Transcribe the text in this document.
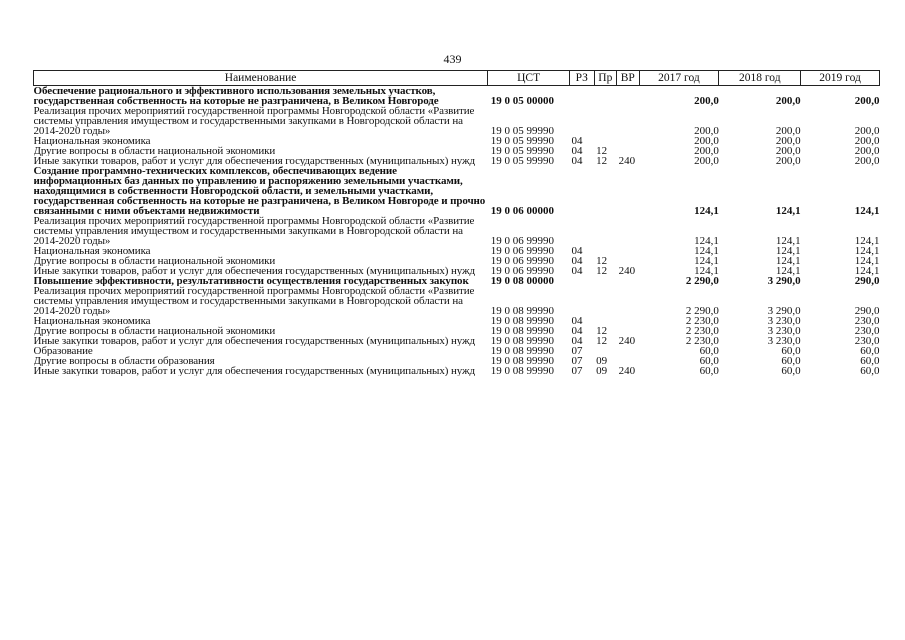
439
Наименование	ЦСТ	РЗ	Пр	ВР	2017 год	2018 год	2019 год
Обеспечение рационального и эффективного использования земельных участков, государственная собственность на которые не разграничена, в Великом Новгороде	19 0 05 00000				200,0	200,0	200,0
Реализация прочих мероприятий государственной программы Новгородской области «Развитие системы управления имуществом и государственными закупками в Новгородской области на 2014-2020 годы»	19 0 05 99990				200,0	200,0	200,0
Национальная экономика	19 0 05 99990	04			200,0	200,0	200,0
Другие вопросы в области национальной экономики	19 0 05 99990	04	12		200,0	200,0	200,0
Иные закупки товаров, работ и услуг для обеспечения государственных (муниципальных) нужд	19 0 05 99990	04	12	240	200,0	200,0	200,0
Создание программно-технических комплексов, обеспечивающих ведение информационных баз данных по управлению и распоряжению земельными участками, находящимися в собственности Новгородской области, и земельными участками, государственная собственность на которые не разграничена, в Великом Новгороде и прочно связанными с ними объектами недвижимости	19 0 06 00000				124,1	124,1	124,1
Реализация прочих мероприятий государственной программы Новгородской области «Развитие системы управления имуществом и государственными закупками в Новгородской области на 2014-2020 годы»	19 0 06 99990				124,1	124,1	124,1
Национальная экономика	19 0 06 99990	04			124,1	124,1	124,1
Другие вопросы в области национальной экономики	19 0 06 99990	04	12		124,1	124,1	124,1
Иные закупки товаров, работ и услуг для обеспечения государственных (муниципальных) нужд	19 0 06 99990	04	12	240	124,1	124,1	124,1
Повышение эффективности, результативности осуществления государственных закупок	19 0 08 00000				2 290,0	3 290,0	290,0
Реализация прочих мероприятий государственной программы Новгородской области «Развитие системы управления имуществом и государственными закупками в Новгородской области на 2014-2020 годы»	19 0 08 99990				2 290,0	3 290,0	290,0
Национальная экономика	19 0 08 99990	04			2 230,0	3 230,0	230,0
Другие вопросы в области национальной экономики	19 0 08 99990	04	12		2 230,0	3 230,0	230,0
Иные закупки товаров, работ и услуг для обеспечения государственных (муниципальных) нужд	19 0 08 99990	04	12	240	2 230,0	3 230,0	230,0
Образование	19 0 08 99990	07			60,0	60,0	60,0
Другие вопросы в области образования	19 0 08 99990	07	09		60,0	60,0	60,0
Иные закупки товаров, работ и услуг для обеспечения государственных (муниципальных) нужд	19 0 08 99990	07	09	240	60,0	60,0	60,0
